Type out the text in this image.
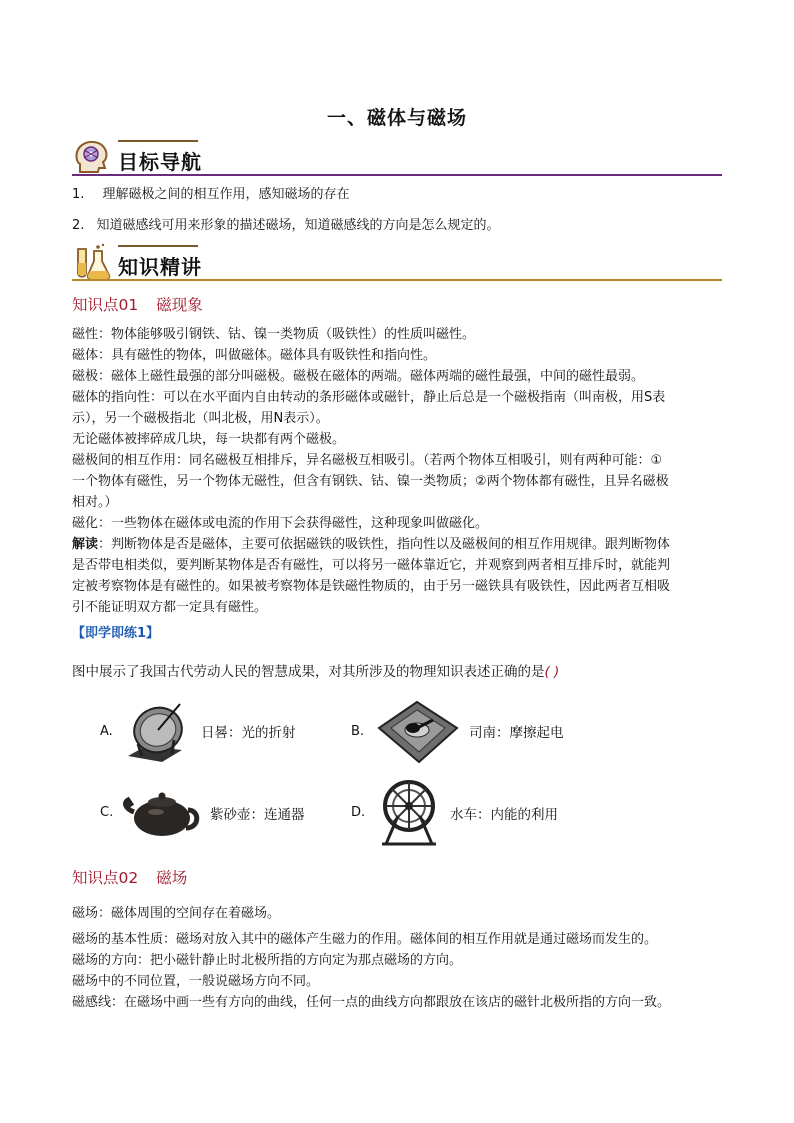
一、磁体与磁场
目标导航
1. 理解磁极之间的相互作用，感知磁场的存在
2. 知道磁感线可用来形象的描述磁场，知道磁感线的方向是怎么规定的。
知识精讲
知识点01 磁现象
磁性：物体能够吸引钢铁、钴、镍一类物质（吸铁性）的性质叫磁性。
磁体：具有磁性的物体，叫做磁体。磁体具有吸铁性和指向性。
磁极：磁体上磁性最强的部分叫磁极。磁极在磁体的两端。磁体两端的磁性最强，中间的磁性最弱。
磁体的指向性：可以在水平面内自由转动的条形磁体或磁针，静止后总是一个磁极指南（叫南极，用S表
示），另一个磁极指北（叫北极，用N表示）。
无论磁体被摔碎成几块，每一块都有两个磁极。
磁极间的相互作用：同名磁极互相排斥，异名磁极互相吸引。（若两个物体互相吸引，则有两种可能：①
一个物体有磁性，另一个物体无磁性，但含有钢铁、钴、镍一类物质；②两个物体都有磁性，且异名磁极
相对。）
磁化：一些物体在磁体或电流的作用下会获得磁性，这种现象叫做磁化。
解读：判断物体是否是磁体，主要可依据磁铁的吸铁性，指向性以及磁极间的相互作用规律。跟判断物体
是否带电相类似，要判断某物体是否有磁性，可以将另一磁体靠近它，并观察到两者相互排斥时，就能判
定被考察物体是有磁性的。如果被考察物体是铁磁性物质的，由于另一磁铁具有吸铁性，因此两者互相吸
引不能证明双方都一定具有磁性。
【即学即练1】
图中展示了我国古代劳动人民的智慧成果，对其所涉及的物理知识表述正确的是( )
A.	日晷：光的折射	B.	司南：摩擦起电
C.	紫砂壶：连通器	D.	水车：内能的利用
知识点02 磁场
磁场：磁体周围的空间存在着磁场。
磁场的基本性质：磁场对放入其中的磁体产生磁力的作用。磁体间的相互作用就是通过磁场而发生的。
磁场的方向：把小磁针静止时北极所指的方向定为那点磁场的方向。
磁场中的不同位置，一般说磁场方向不同。
磁感线：在磁场中画一些有方向的曲线，任何一点的曲线方向都跟放在该店的磁针北极所指的方向一致。
